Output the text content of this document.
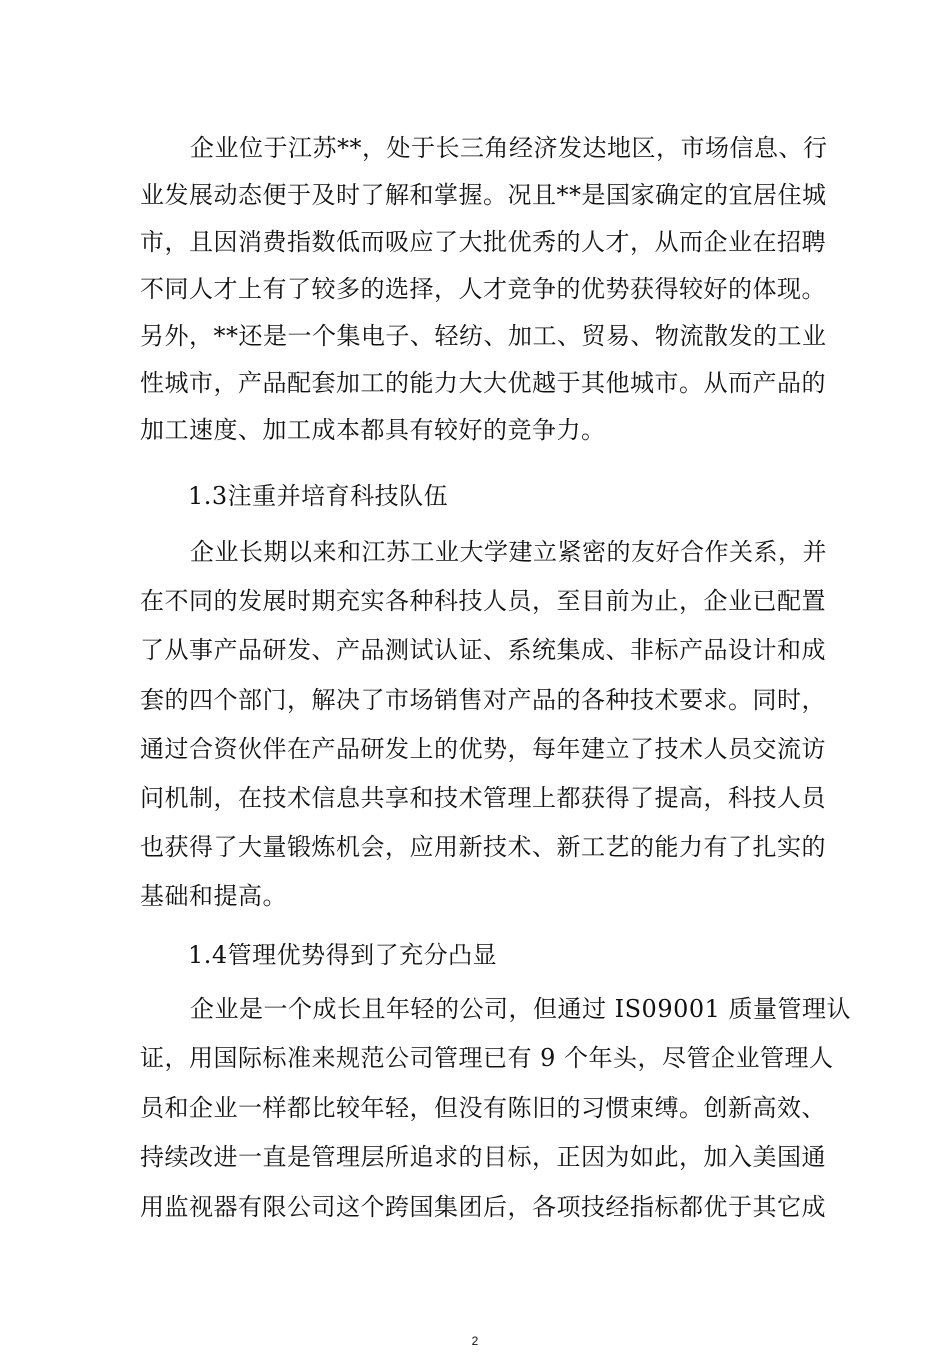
企业位于江苏**，处于长三角经济发达地区，市场信息、行
业发展动态便于及时了解和掌握。况且**是国家确定的宜居住城
市，且因消费指数低而吸应了大批优秀的人才，从而企业在招聘
不同人才上有了较多的选择，人才竞争的优势获得较好的体现。
另外，**还是一个集电子、轻纺、加工、贸易、物流散发的工业
性城市，产品配套加工的能力大大优越于其他城市。从而产品的
加工速度、加工成本都具有较好的竞争力。
1.3注重并培育科技队伍
企业长期以来和江苏工业大学建立紧密的友好合作关系，并
在不同的发展时期充实各种科技人员，至目前为止，企业已配置
了从事产品研发、产品测试认证、系统集成、非标产品设计和成
套的四个部门，解决了市场销售对产品的各种技术要求。同时，
通过合资伙伴在产品研发上的优势，每年建立了技术人员交流访
问机制，在技术信息共享和技术管理上都获得了提高，科技人员
也获得了大量锻炼机会，应用新技术、新工艺的能力有了扎实的
基础和提高。
1.4管理优势得到了充分凸显
企业是一个成长且年轻的公司，但通过 IS09001 质量管理认
证，用国际标准来规范公司管理已有 9 个年头，尽管企业管理人
员和企业一样都比较年轻，但没有陈旧的习惯束缚。创新高效、
持续改进一直是管理层所追求的目标，正因为如此，加入美国通
用监视器有限公司这个跨国集团后，各项技经指标都优于其它成
2
